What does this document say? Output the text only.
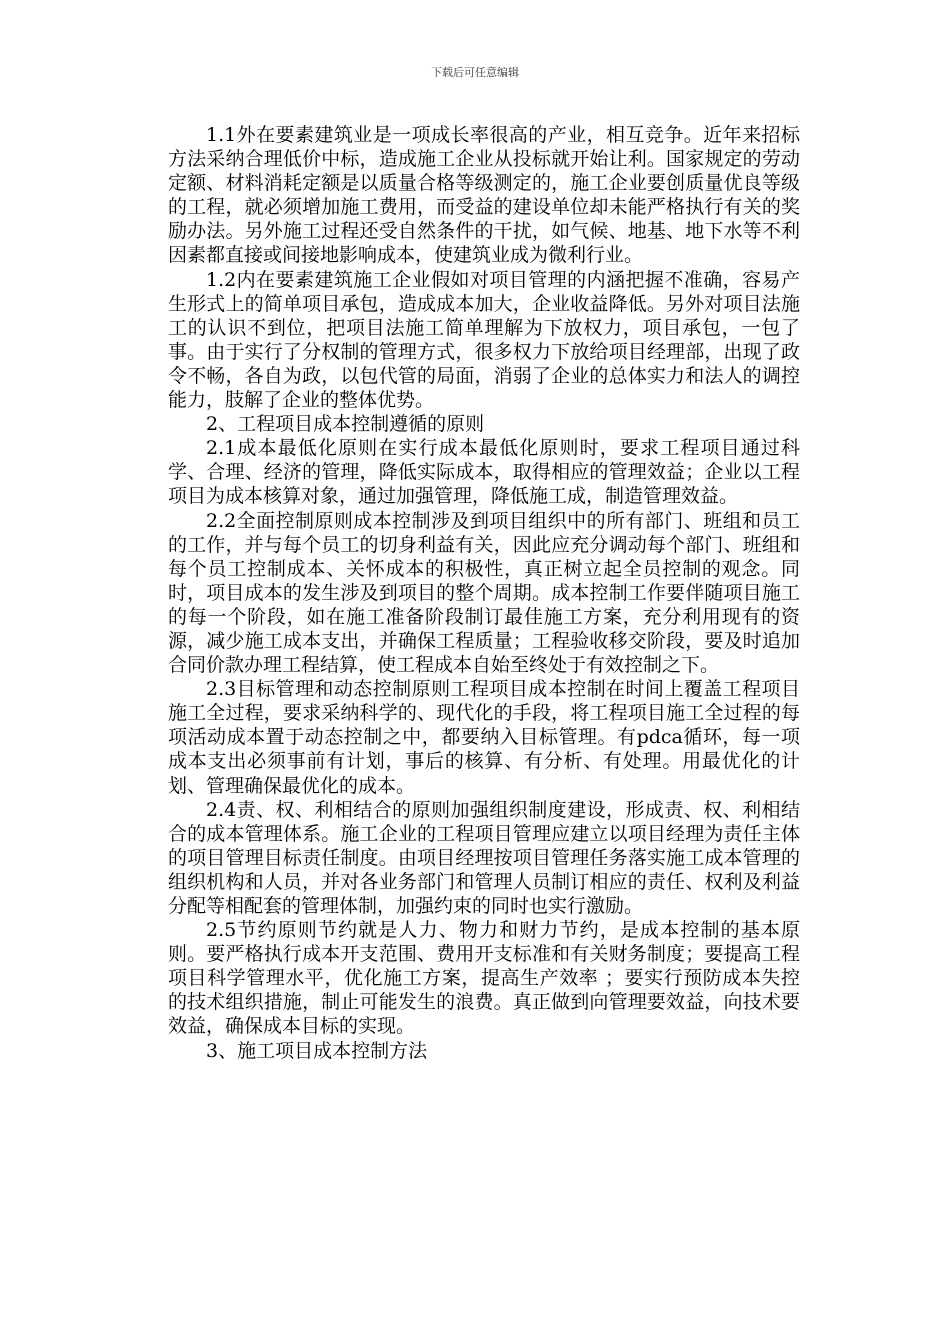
下载后可任意编辑

1.1外在要素建筑业是一项成长率很高的产业，相互竞争。近年来招标方法采纳合理低价中标，造成施工企业从投标就开始让利。国家规定的劳动定额、材料消耗定额是以质量合格等级测定的，施工企业要创质量优良等级的工程，就必须增加施工费用，而受益的建设单位却未能严格执行有关的奖励办法。另外施工过程还受自然条件的干扰，如气候、地基、地下水等不利因素都直接或间接地影响成本，使建筑业成为微利行业。

1.2内在要素建筑施工企业假如对项目管理的内涵把握不准确，容易产生形式上的简单项目承包，造成成本加大，企业收益降低。另外对项目法施工的认识不到位，把项目法施工简单理解为下放权力，项目承包，一包了事。由于实行了分权制的管理方式，很多权力下放给项目经理部，出现了政令不畅，各自为政，以包代管的局面，消弱了企业的总体实力和法人的调控能力，肢解了企业的整体优势。

2、工程项目成本控制遵循的原则

2.1成本最低化原则在实行成本最低化原则时，要求工程项目通过科学、合理、经济的管理，降低实际成本，取得相应的管理效益；企业以工程项目为成本核算对象，通过加强管理，降低施工成，制造管理效益。

2.2全面控制原则成本控制涉及到项目组织中的所有部门、班组和员工的工作，并与每个员工的切身利益有关，因此应充分调动每个部门、班组和每个员工控制成本、关怀成本的积极性，真正树立起全员控制的观念。同时，项目成本的发生涉及到项目的整个周期。成本控制工作要伴随项目施工的每一个阶段，如在施工准备阶段制订最佳施工方案，充分利用现有的资源，减少施工成本支出，并确保工程质量；工程验收移交阶段，要及时追加合同价款办理工程结算，使工程成本自始至终处于有效控制之下。

2.3目标管理和动态控制原则工程项目成本控制在时间上覆盖工程项目施工全过程，要求采纳科学的、现代化的手段，将工程项目施工全过程的每项活动成本置于动态控制之中，都要纳入目标管理。有pdca循环，每一项成本支出必须事前有计划，事后的核算、有分析、有处理。用最优化的计划、管理确保最优化的成本。

2.4责、权、利相结合的原则加强组织制度建设，形成责、权、利相结合的成本管理体系。施工企业的工程项目管理应建立以项目经理为责任主体的项目管理目标责任制度。由项目经理按项目管理任务落实施工成本管理的组织机构和人员，并对各业务部门和管理人员制订相应的责任、权利及利益分配等相配套的管理体制，加强约束的同时也实行激励。

2.5节约原则节约就是人力、物力和财力节约，是成本控制的基本原则。要严格执行成本开支范围、费用开支标准和有关财务制度；要提高工程项目科学管理水平，优化施工方案，提高生产效率 ；要实行预防成本失控的技术组织措施，制止可能发生的浪费。真正做到向管理要效益，向技术要效益，确保成本目标的实现。

3、施工项目成本控制方法
